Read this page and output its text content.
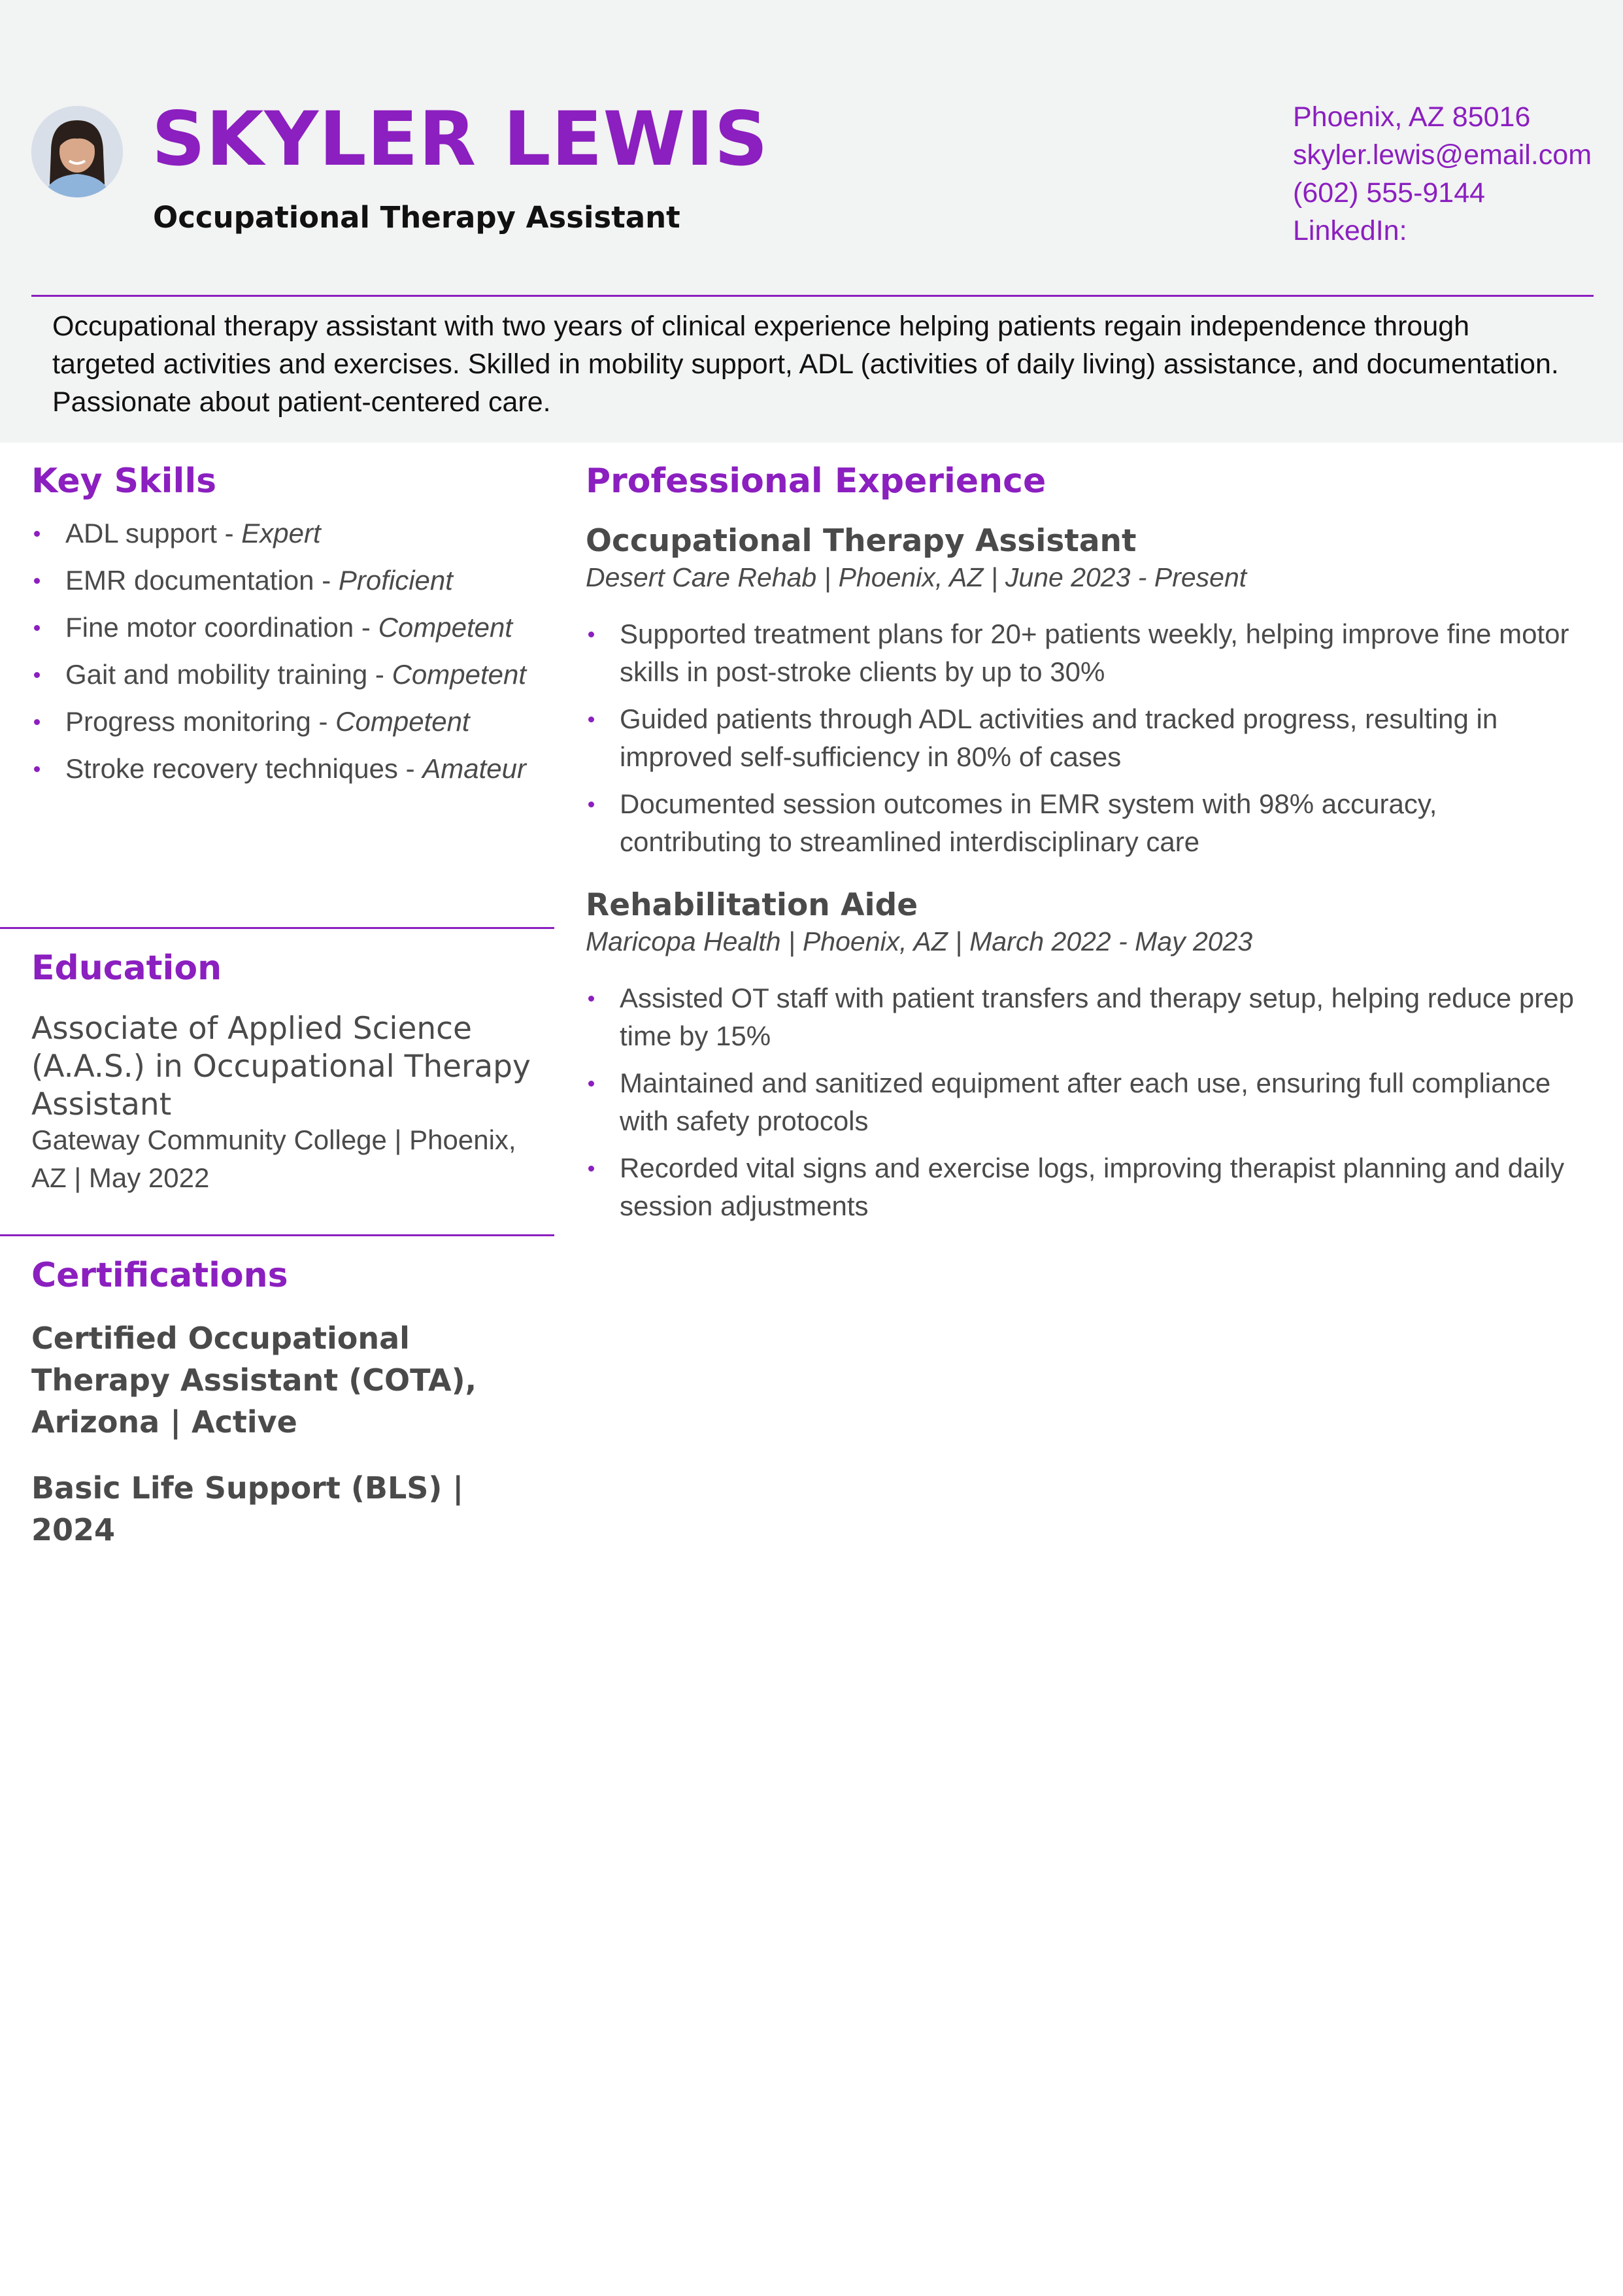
SKYLER LEWIS
Occupational Therapy Assistant
Phoenix, AZ 85016
skyler.lewis@email.com
(602) 555-9144
LinkedIn:
Occupational therapy assistant with two years of clinical experience helping patients regain independence through targeted activities and exercises. Skilled in mobility support, ADL (activities of daily living) assistance, and documentation. Passionate about patient-centered care.
Key Skills
ADL support - Expert
EMR documentation - Proficient
Fine motor coordination - Competent
Gait and mobility training - Competent
Progress monitoring - Competent
Stroke recovery techniques - Amateur
Education
Associate of Applied Science (A.A.S.) in Occupational Therapy Assistant
Gateway Community College | Phoenix, AZ | May 2022
Certifications
Certified Occupational Therapy Assistant (COTA), Arizona | Active
Basic Life Support (BLS) | 2024
Professional Experience
Occupational Therapy Assistant
Desert Care Rehab | Phoenix, AZ | June 2023 - Present
Supported treatment plans for 20+ patients weekly, helping improve fine motor skills in post-stroke clients by up to 30%
Guided patients through ADL activities and tracked progress, resulting in improved self-sufficiency in 80% of cases
Documented session outcomes in EMR system with 98% accuracy, contributing to streamlined interdisciplinary care
Rehabilitation Aide
Maricopa Health | Phoenix, AZ | March 2022 - May 2023
Assisted OT staff with patient transfers and therapy setup, helping reduce prep time by 15%
Maintained and sanitized equipment after each use, ensuring full compliance with safety protocols
Recorded vital signs and exercise logs, improving therapist planning and daily session adjustments
